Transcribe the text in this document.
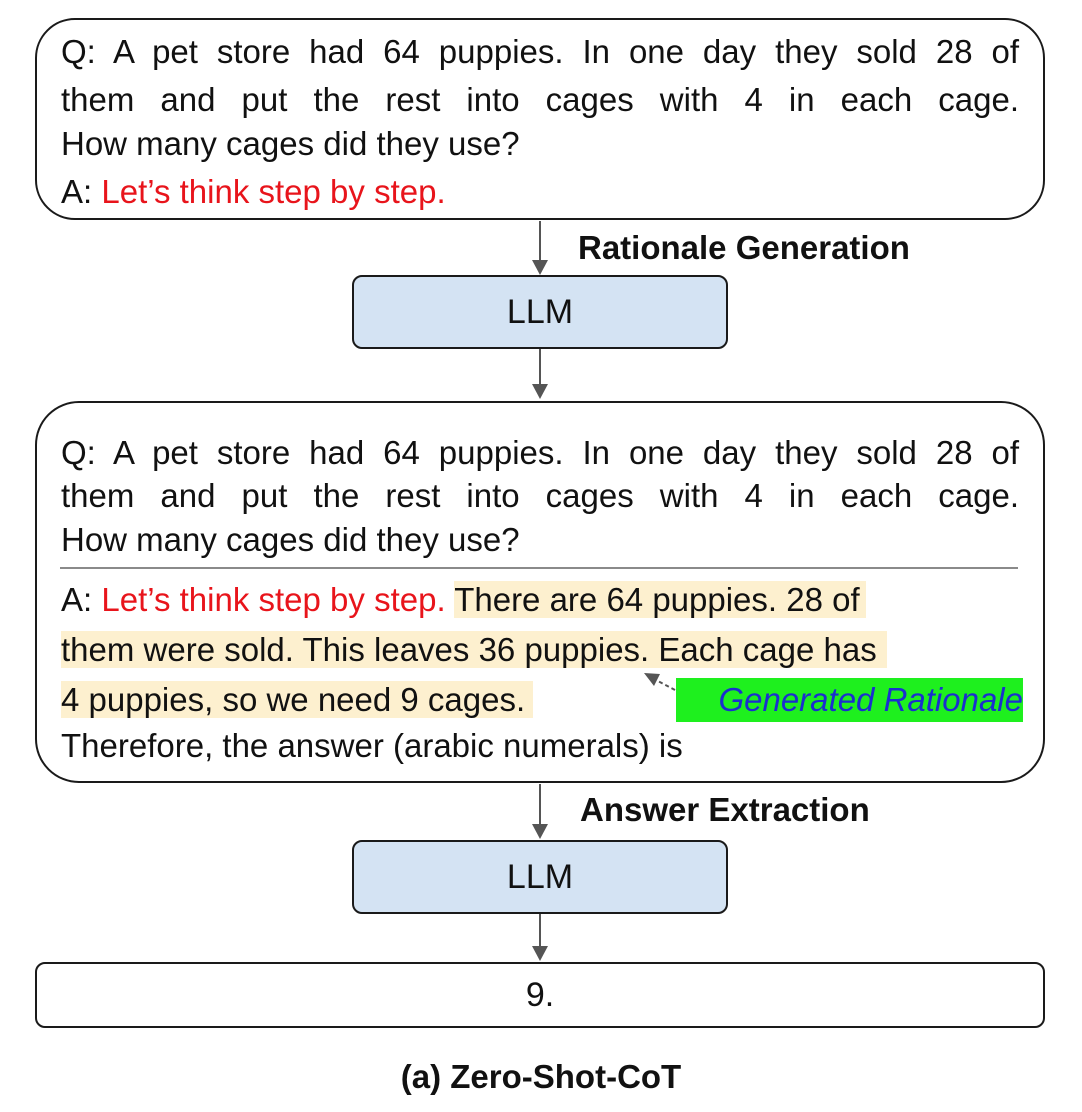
Q: A pet store had 64 puppies. In one day they sold 28 of
them and put the rest into cages with 4 in each cage.
How many cages did they use?
A: Let’s think step by step.
Rationale Generation
LLM
Q: A pet store had 64 puppies. In one day they sold 28 of
them and put the rest into cages with 4 in each cage.
How many cages did they use?
A: Let’s think step by step. There are 64 puppies. 28 of
them were sold. This leaves 36 puppies. Each cage has
4 puppies, so we need 9 cages.	Generated Rationale
Therefore, the answer (arabic numerals) is
Answer Extraction
LLM
9.
(a) Zero-Shot-CoT
